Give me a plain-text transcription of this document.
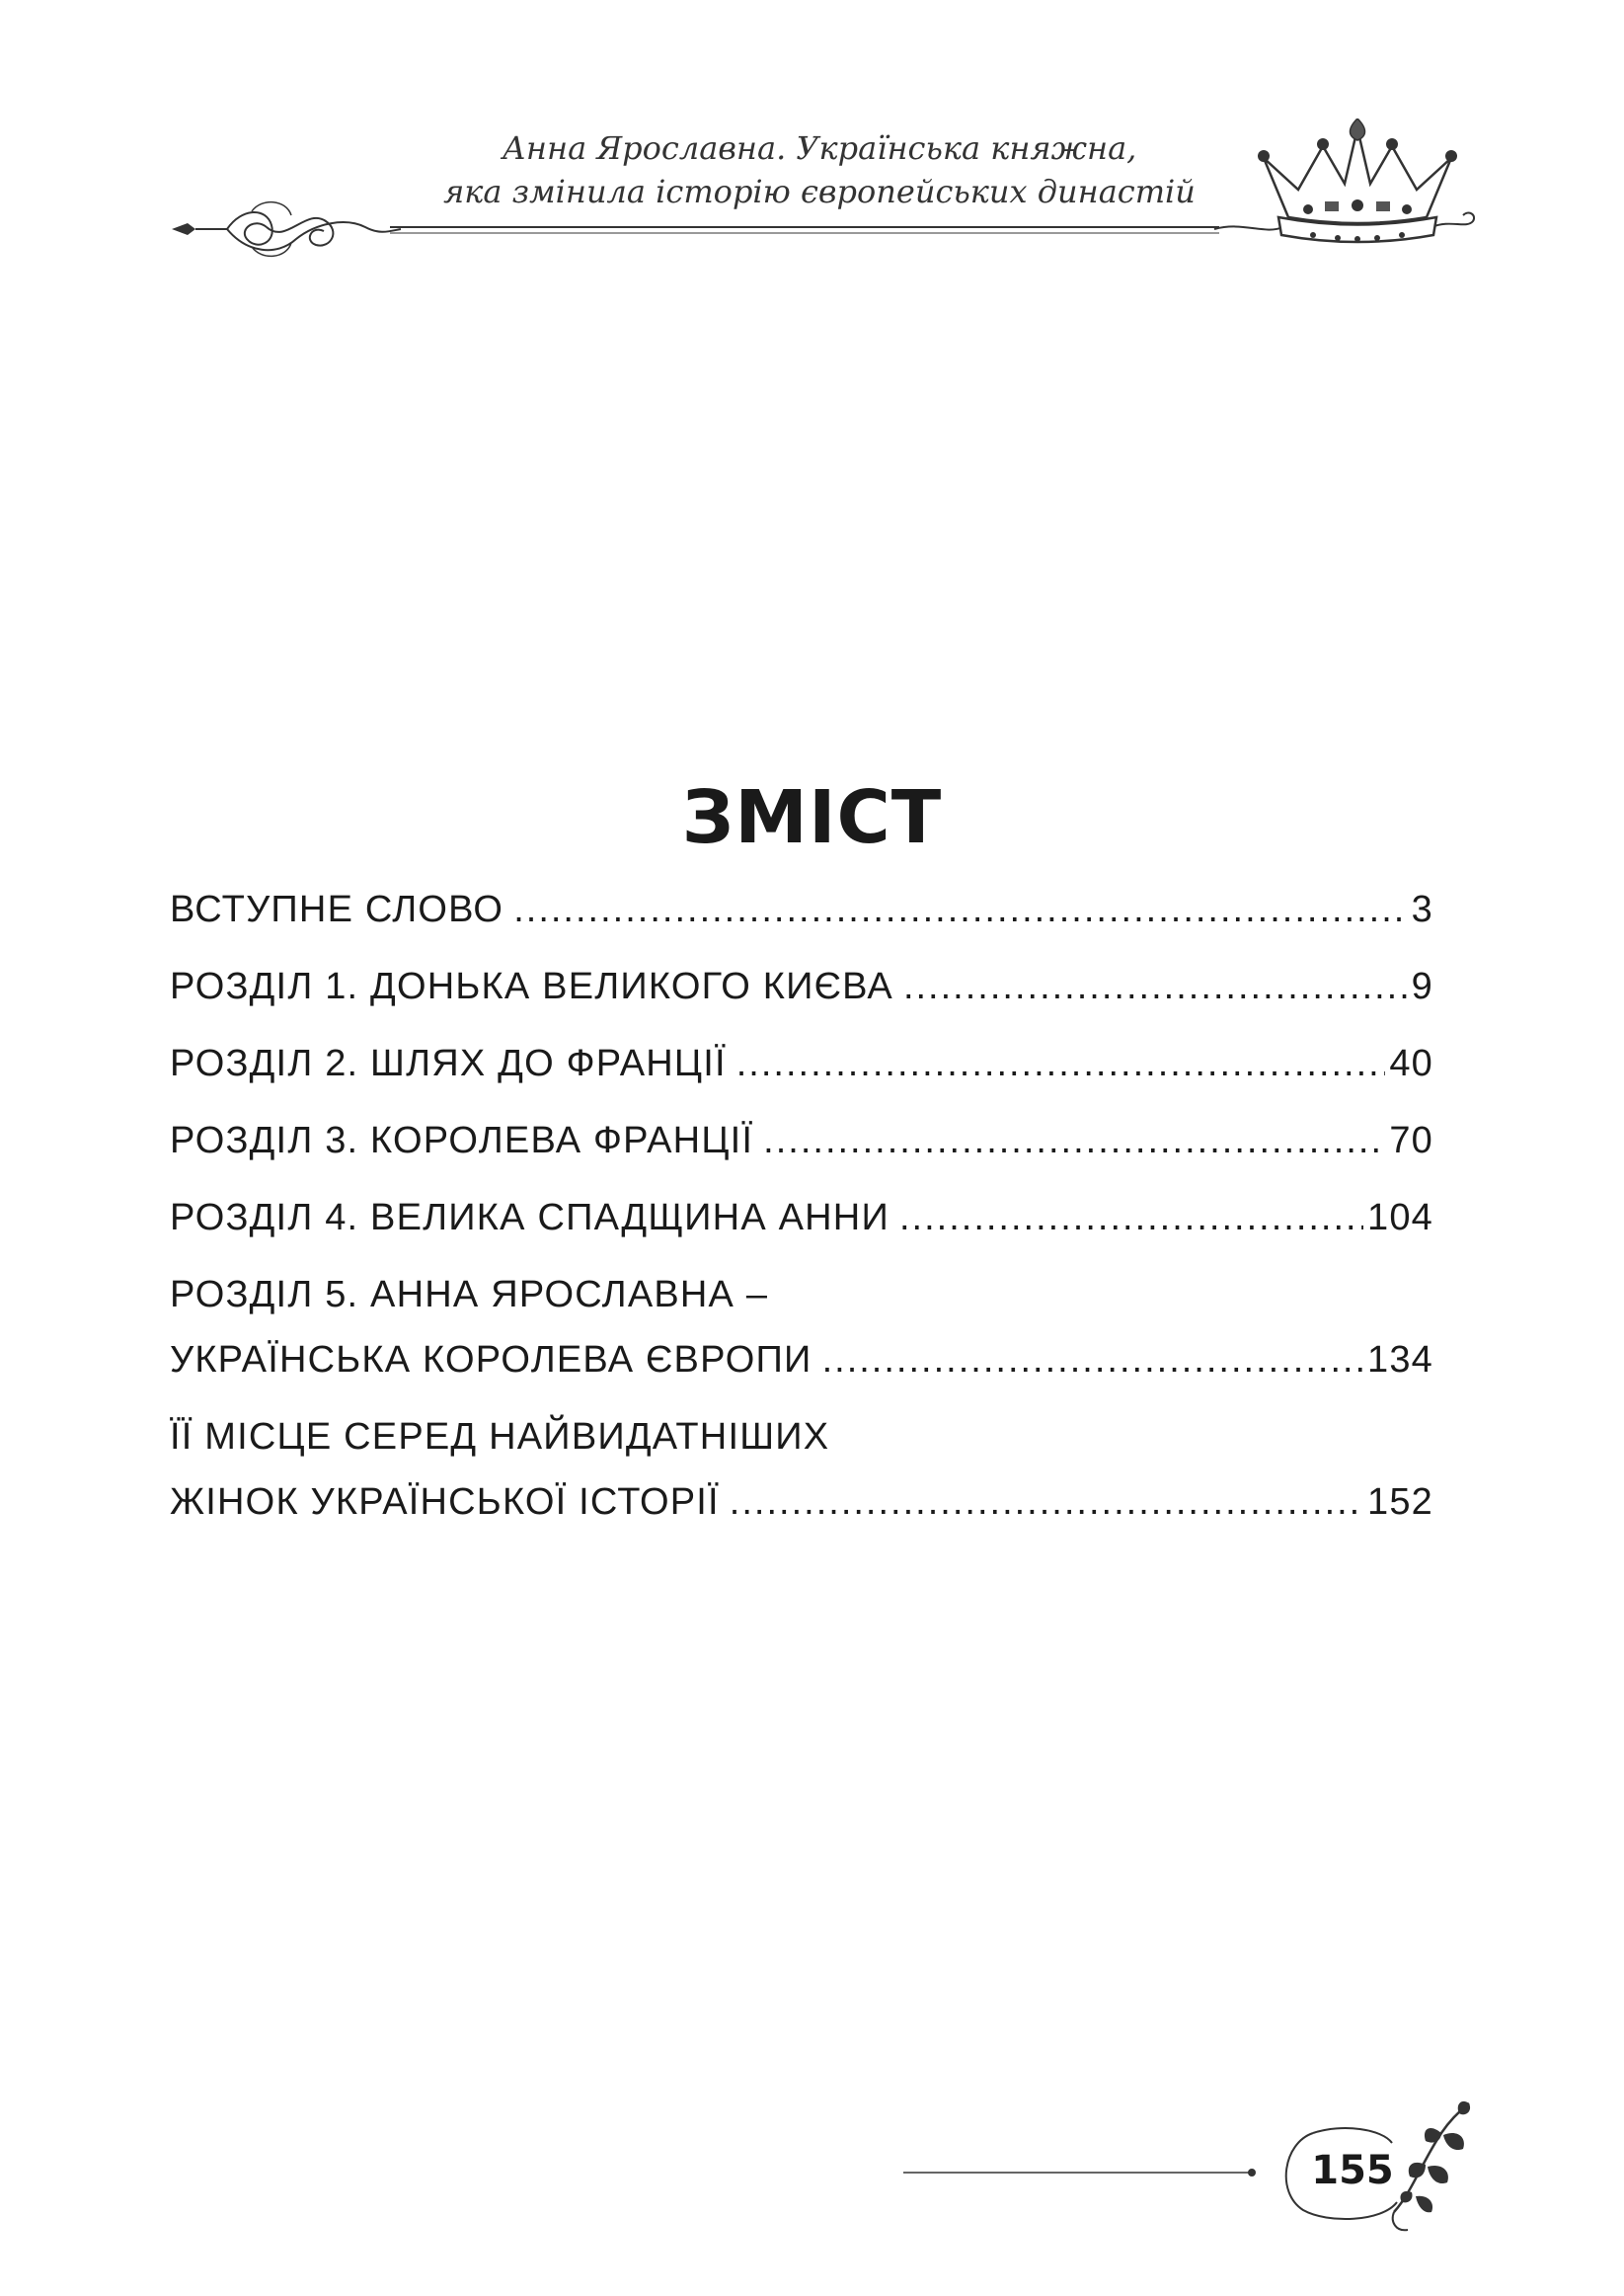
Анна Ярославна. Українська княжна,
яка змінила історію європейських династій
ЗМІСТ
ВСТУПНЕ СЛОВО .....	3
РОЗДІЛ 1. ДОНЬКА ВЕЛИКОГО КИЄВА .....	9
РОЗДІЛ 2. ШЛЯХ ДО ФРАНЦІЇ .....	40
РОЗДІЛ 3. КОРОЛЕВА ФРАНЦІЇ .....	70
РОЗДІЛ 4. ВЕЛИКА СПАДЩИНА АННИ .....	104
РОЗДІЛ 5. АННА ЯРОСЛАВНА –
УКРАЇНСЬКА КОРОЛЕВА ЄВРОПИ .....	134
ЇЇ МІСЦЕ СЕРЕД НАЙВИДАТНІШИХ
ЖІНОК УКРАЇНСЬКОЇ ІСТОРІЇ .....	152
155
